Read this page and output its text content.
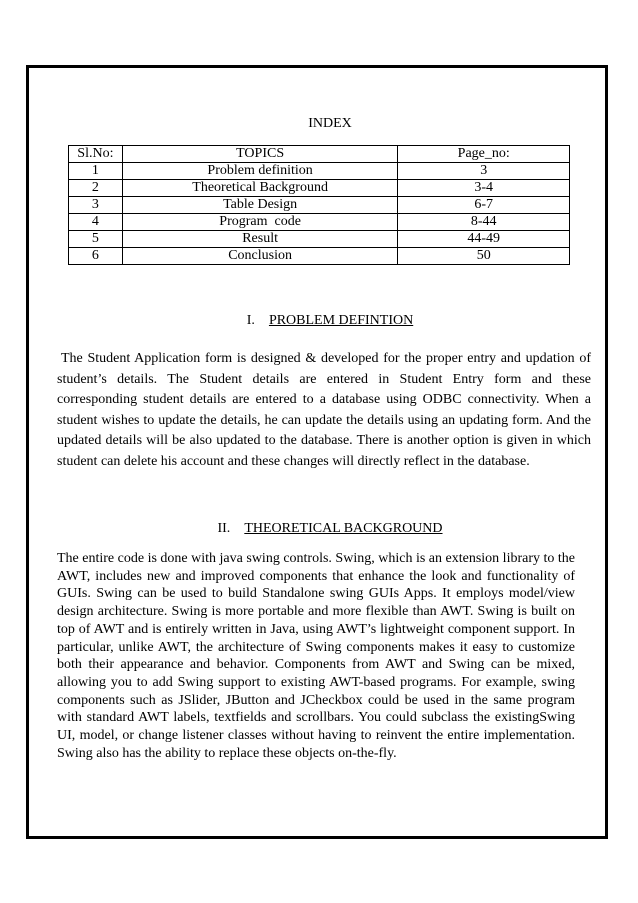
INDEX
Sl.No:	TOPICS	Page_no:
1	Problem definition	3
2	Theoretical Background	3-4
3	Table Design	6-7
4	Program  code	8-44
5	Result	44-49
6	Conclusion	50
I. PROBLEM DEFINTION

The Student Application form is designed & developed for the proper entry and updation of student’s details. The Student details are entered in Student Entry form and these corresponding student details are entered to a database using ODBC connectivity. When a student wishes to update the details, he can update the details using an updating form. And the updated details will be also updated to the database. There is another option is given in which student can delete his account and these changes will directly reflect in the database.

II. THEORETICAL BACKGROUND

The entire code is done with java swing controls. Swing, which is an extension library to the AWT, includes new and improved components that enhance the look and functionality of GUIs. Swing can be used to build Standalone swing GUIs Apps. It employs model/view design architecture. Swing is more portable and more flexible than AWT. Swing is built on top of AWT and is entirely written in Java, using AWT’s lightweight component support. In particular, unlike AWT, the architecture of Swing components makes it easy to customize both their appearance and behavior. Components from AWT and Swing can be mixed, allowing you to add Swing support to existing AWT-based programs. For example, swing components such as JSlider, JButton and JCheckbox could be used in the same program with standard AWT labels, textfields and scrollbars. You could subclass the existingSwing UI, model, or change listener classes without having to reinvent the entire implementation. Swing also has the ability to replace these objects on-the-fly.
